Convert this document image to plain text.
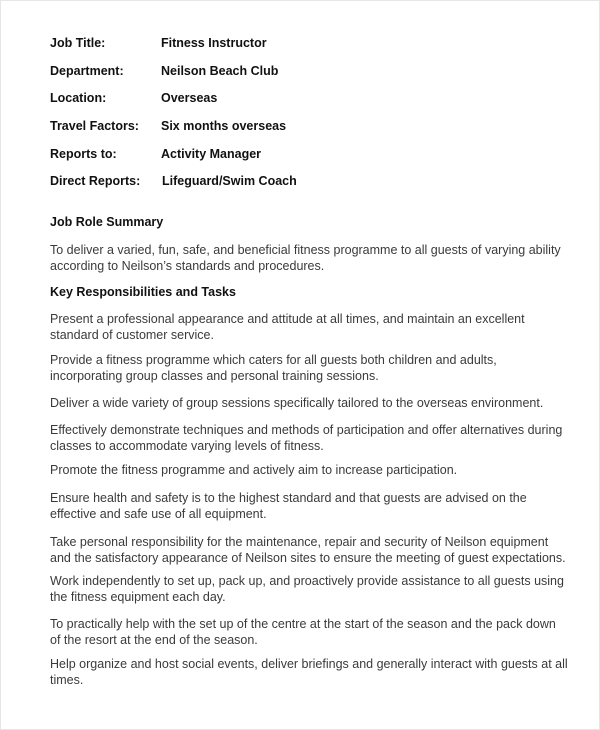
Job Title:	Fitness Instructor
Department:	Neilson Beach Club
Location:	Overseas
Travel Factors: Six months overseas
Reports to:	Activity Manager
Direct Reports: Lifeguard/Swim Coach
Job Role Summary
To deliver a varied, fun, safe, and beneficial fitness programme to all guests of varying ability according to Neilson’s standards and procedures.
Key Responsibilities and Tasks
Present a professional appearance and attitude at all times, and maintain an excellent standard of customer service.
Provide a fitness programme which caters for all guests both children and adults, incorporating group classes and personal training sessions.
Deliver a wide variety of group sessions specifically tailored to the overseas environment.
Effectively demonstrate techniques and methods of participation and offer alternatives during classes to accommodate varying levels of fitness.
Promote the fitness programme and actively aim to increase participation.
Ensure health and safety is to the highest standard and that guests are advised on the effective and safe use of all equipment.
Take personal responsibility for the maintenance, repair and security of Neilson equipment and the satisfactory appearance of Neilson sites to ensure the meeting of guest expectations.
Work independently to set up, pack up, and proactively provide assistance to all guests using the fitness equipment each day.
To practically help with the set up of the centre at the start of the season and the pack down of the resort at the end of the season.
Help organize and host social events, deliver briefings and generally interact with guests at all times.
